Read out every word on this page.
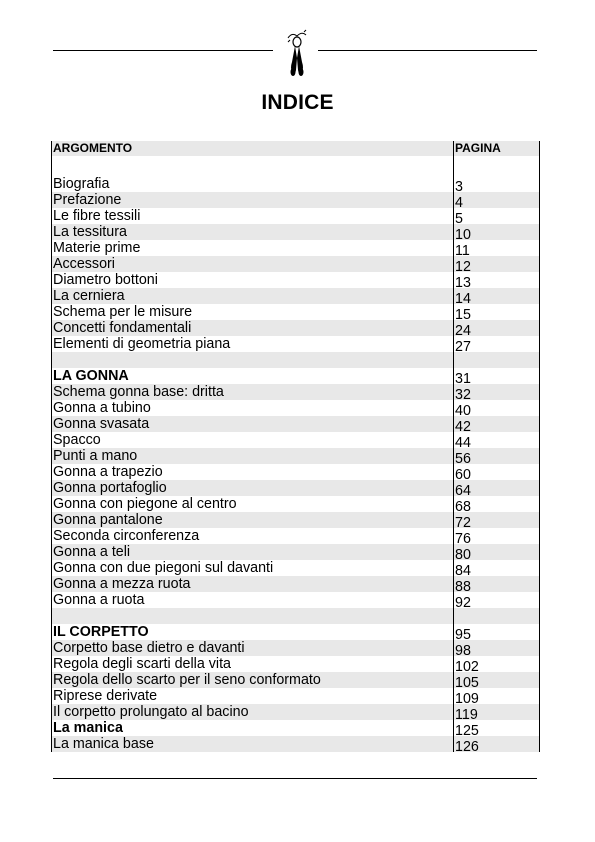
INDICE
ARGOMENTO	PAGINA
Biografia	3
Prefazione	4
Le fibre tessili	5
La tessitura	10
Materie prime	11
Accessori	12
Diametro bottoni	13
La cerniera	14
Schema per le misure	15
Concetti fondamentali	24
Elementi di geometria piana	27
LA GONNA	31
Schema gonna base: dritta	32
Gonna a tubino	40
Gonna svasata	42
Spacco	44
Punti a mano	56
Gonna a trapezio	60
Gonna portafoglio	64
Gonna con piegone al centro	68
Gonna pantalone	72
Seconda circonferenza	76
Gonna a teli	80
Gonna con due piegoni sul davanti	84
Gonna a mezza ruota	88
Gonna a ruota	92
IL CORPETTO	95
Corpetto base dietro e davanti	98
Regola degli scarti della vita	102
Regola dello scarto per il seno conformato	105
Riprese derivate	109
Il corpetto prolungato al bacino	119
La manica	125
La manica base	126
